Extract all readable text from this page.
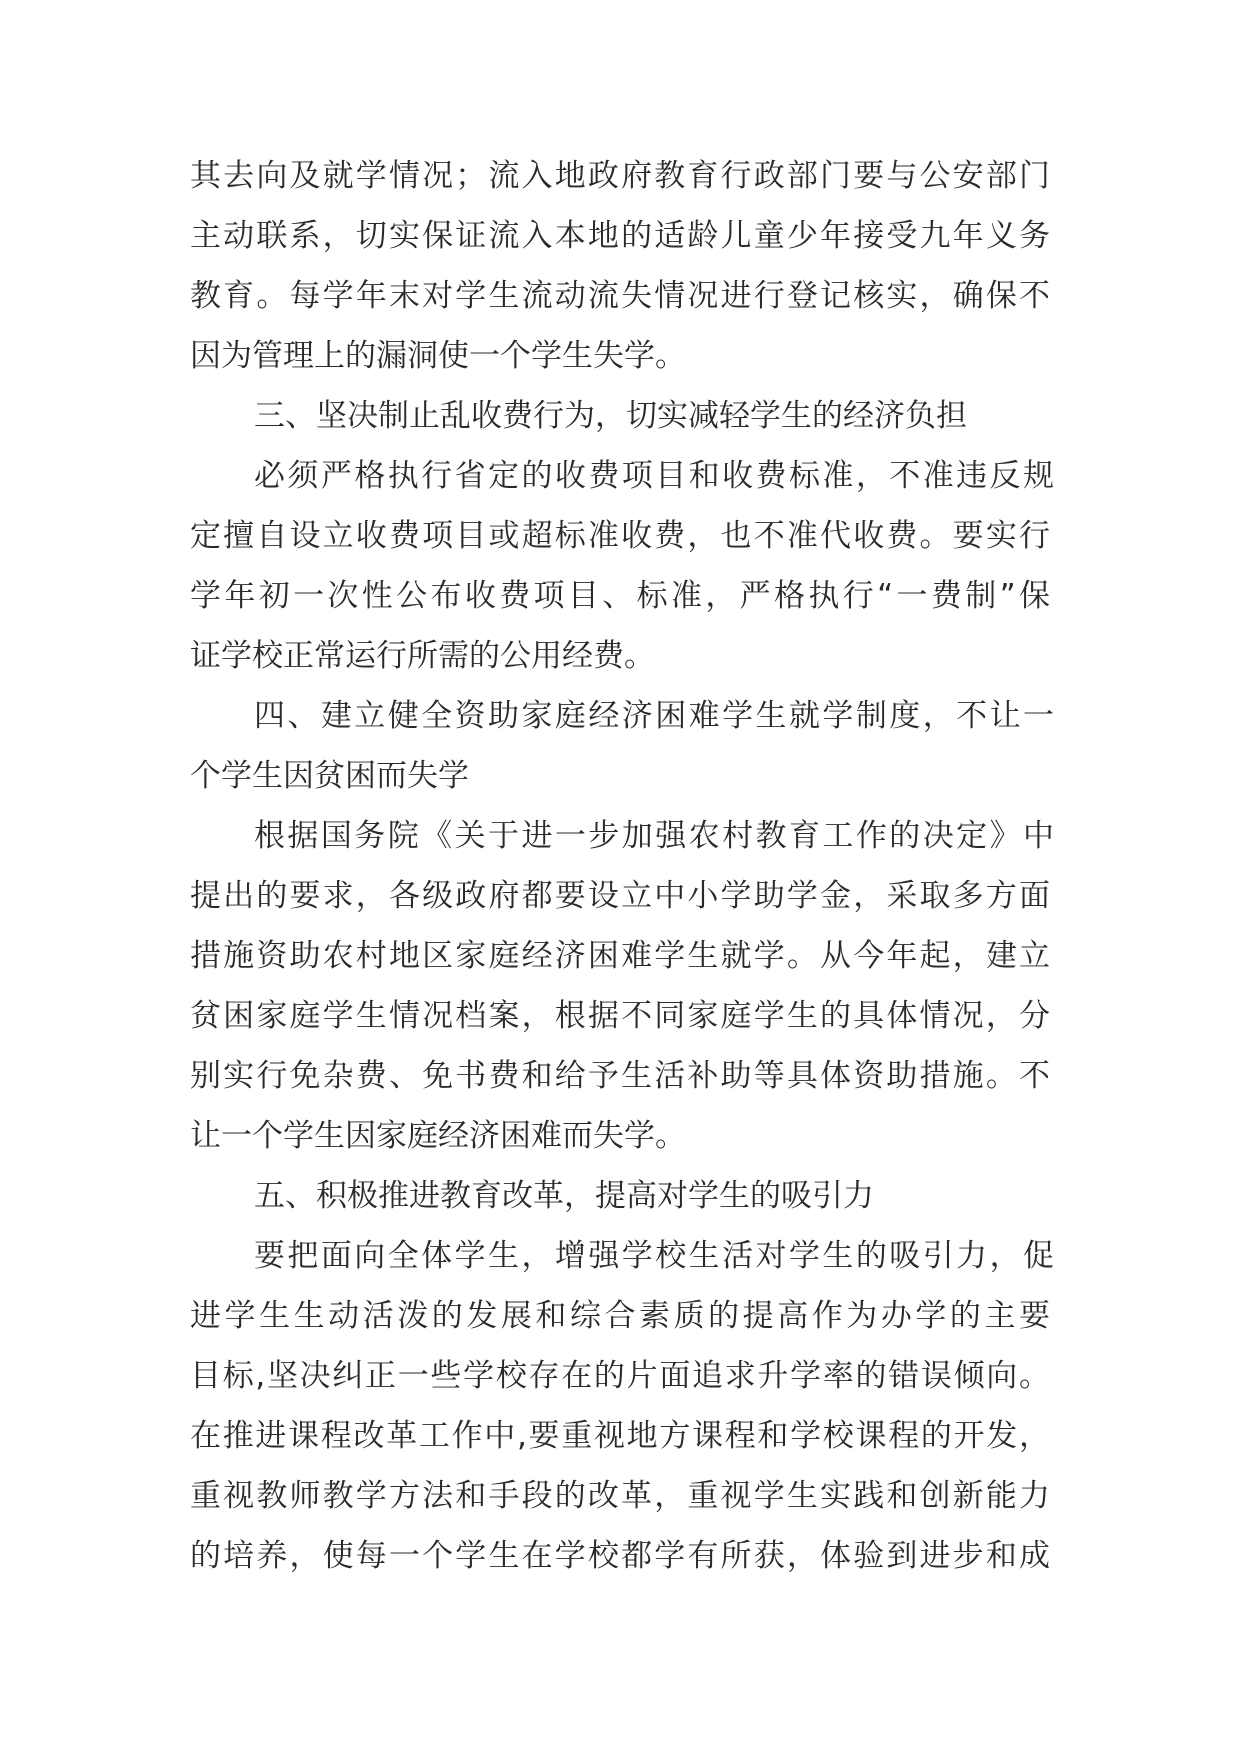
其去向及就学情况；流入地政府教育行政部门要与公安部门
主动联系，切实保证流入本地的适龄儿童少年接受九年义务
教育。每学年末对学生流动流失情况进行登记核实，确保不
因为管理上的漏洞使一个学生失学。
三、坚决制止乱收费行为，切实减轻学生的经济负担
必须严格执行省定的收费项目和收费标准，不准违反规
定擅自设立收费项目或超标准收费，也不准代收费。要实行
学年初一次性公布收费项目、标准，严格执行“一费制”保
证学校正常运行所需的公用经费。
四、建立健全资助家庭经济困难学生就学制度，不让一
个学生因贫困而失学
根据国务院《关于进一步加强农村教育工作的决定》中
提出的要求，各级政府都要设立中小学助学金，采取多方面
措施资助农村地区家庭经济困难学生就学。从今年起，建立
贫困家庭学生情况档案，根据不同家庭学生的具体情况，分
别实行免杂费、免书费和给予生活补助等具体资助措施。不
让一个学生因家庭经济困难而失学。
五、积极推进教育改革，提高对学生的吸引力
要把面向全体学生，增强学校生活对学生的吸引力，促
进学生生动活泼的发展和综合素质的提高作为办学的主要
目标,坚决纠正一些学校存在的片面追求升学率的错误倾向。
在推进课程改革工作中,要重视地方课程和学校课程的开发，
重视教师教学方法和手段的改革，重视学生实践和创新能力
的培养，使每一个学生在学校都学有所获，体验到进步和成
